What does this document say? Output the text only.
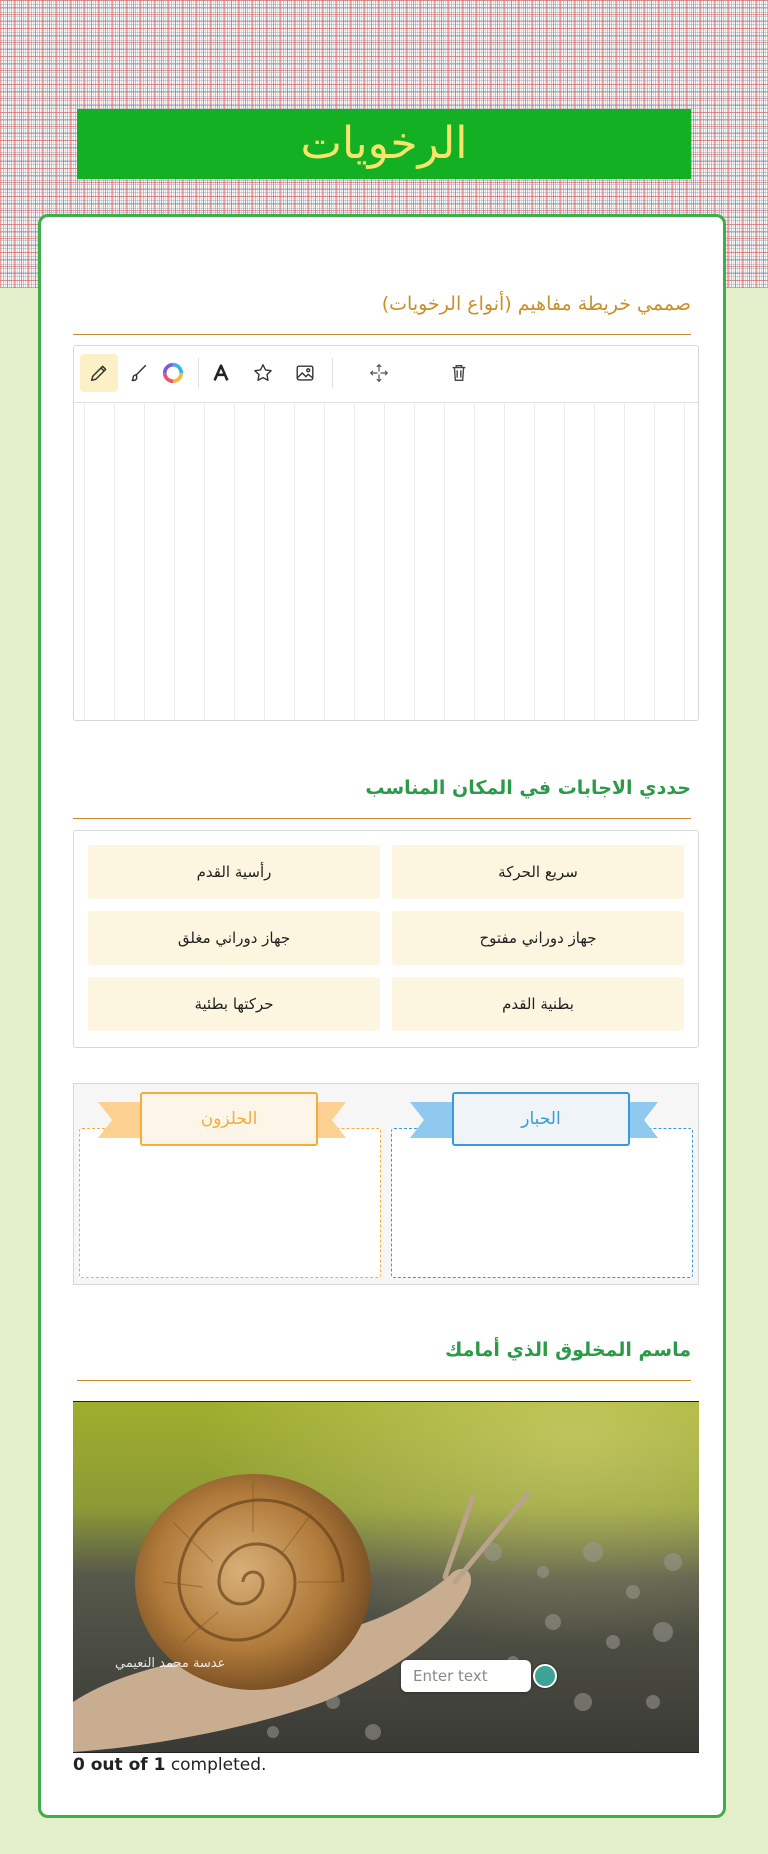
الرخويات
صممي خريطة مفاهيم (أنواع الرخويات)
حددي الاجابات في المكان المناسب
سريع الحركة
رأسية القدم
جهاز دوراني مفتوح
جهاز دوراني مغلق
بطنية القدم
حركتها بطئية
الحبار
الحلزون
ماسم المخلوق الذي أمامك

عدسة محمد النعيمي
Enter text
0 out of 1 completed.
